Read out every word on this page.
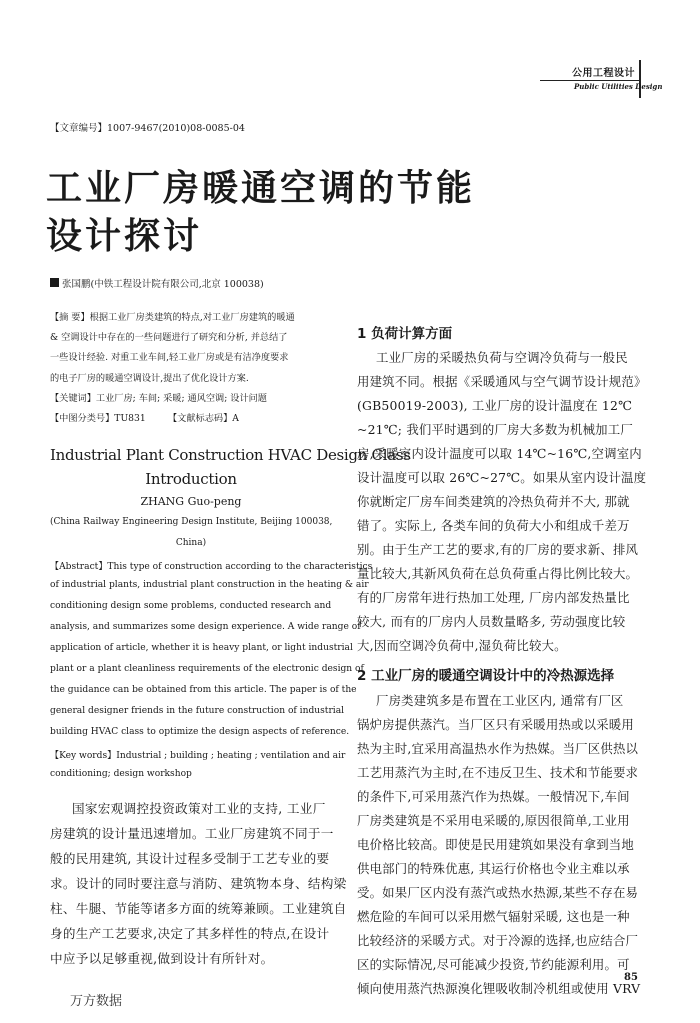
公用工程设计
Public Utilities Design
【文章编号】1007-9467(2010)08-0085-04
工业厂房暖通空调的节能
设计探讨
张国鹏(中铁工程设计院有限公司,北京 100038)
【摘 要】根据工业厂房类建筑的特点,对工业厂房建筑的暖通
& 空调设计中存在的一些问题进行了研究和分析, 并总结了
一些设计经验. 对重工业车间,轻工业厂房或是有洁净度要求
的电子厂房的暖通空调设计,提出了优化设计方案.
【关键词】工业厂房; 车间; 采暖; 通风空调; 设计问题
【中图分类号】TU831 【文献标志码】A
Industrial Plant Construction HVAC Design Class
Introduction
ZHANG Guo-peng
(China Railway Engineering Design Institute, Beijing 100038,
China)
【Abstract】This type of construction according to the characteristics
of industrial plants, industrial plant construction in the heating & air
conditioning design some problems, conducted research and
analysis, and summarizes some design experience. A wide range of
application of article, whether it is heavy plant, or light industrial
plant or a plant cleanliness requirements of the electronic design of
the guidance can be obtained from this article. The paper is of the
general designer friends in the future construction of industrial
building HVAC class to optimize the design aspects of reference.
【Key words】Industrial ; building ; heating ; ventilation and air
conditioning; design workshop
国家宏观调控投资政策对工业的支持, 工业厂
房建筑的设计量迅速增加。工业厂房建筑不同于一
般的民用建筑, 其设计过程多受制于工艺专业的要
求。设计的同时要注意与消防、建筑物本身、结构梁
柱、牛腿、节能等诸多方面的统筹兼顾。工业建筑自
身的生产工艺要求,决定了其多样性的特点,在设计
中应予以足够重视,做到设计有所针对。
1 负荷计算方面
工业厂房的采暖热负荷与空调冷负荷与一般民
用建筑不同。根据《采暖通风与空气调节设计规范》
(GB50019-2003), 工业厂房的设计温度在 12℃
~21℃; 我们平时遇到的厂房大多数为机械加工厂
房,采暖室内设计温度可以取 14℃~16℃,空调室内
设计温度可以取 26℃~27℃。如果从室内设计温度
你就断定厂房车间类建筑的冷热负荷并不大, 那就
错了。实际上, 各类车间的负荷大小和组成千差万
别。由于生产工艺的要求,有的厂房的要求新、排风
量比较大,其新风负荷在总负荷重占得比例比较大。
有的厂房常年进行热加工处理, 厂房内部发热量比
较大, 而有的厂房内人员数量略多, 劳动强度比较
大,因而空调冷负荷中,湿负荷比较大。
2 工业厂房的暖通空调设计中的冷热源选择
厂房类建筑多是布置在工业区内, 通常有厂区
锅炉房提供蒸汽。当厂区只有采暖用热或以采暖用
热为主时,宜采用高温热水作为热媒。当厂区供热以
工艺用蒸汽为主时,在不违反卫生、技术和节能要求
的条件下,可采用蒸汽作为热媒。一般情况下,车间
厂房类建筑是不采用电采暖的,原因很简单,工业用
电价格比较高。即使是民用建筑如果没有拿到当地
供电部门的特殊优惠, 其运行价格也令业主难以承
受。如果厂区内没有蒸汽或热水热源,某些不存在易
燃危险的车间可以采用燃气辐射采暖, 这也是一种
比较经济的采暖方式。对于冷源的选择,也应结合厂
区的实际情况,尽可能减少投资,节约能源利用。可
倾向使用蒸汽热源溴化锂吸收制冷机组或使用 VRV
85
万方数据
